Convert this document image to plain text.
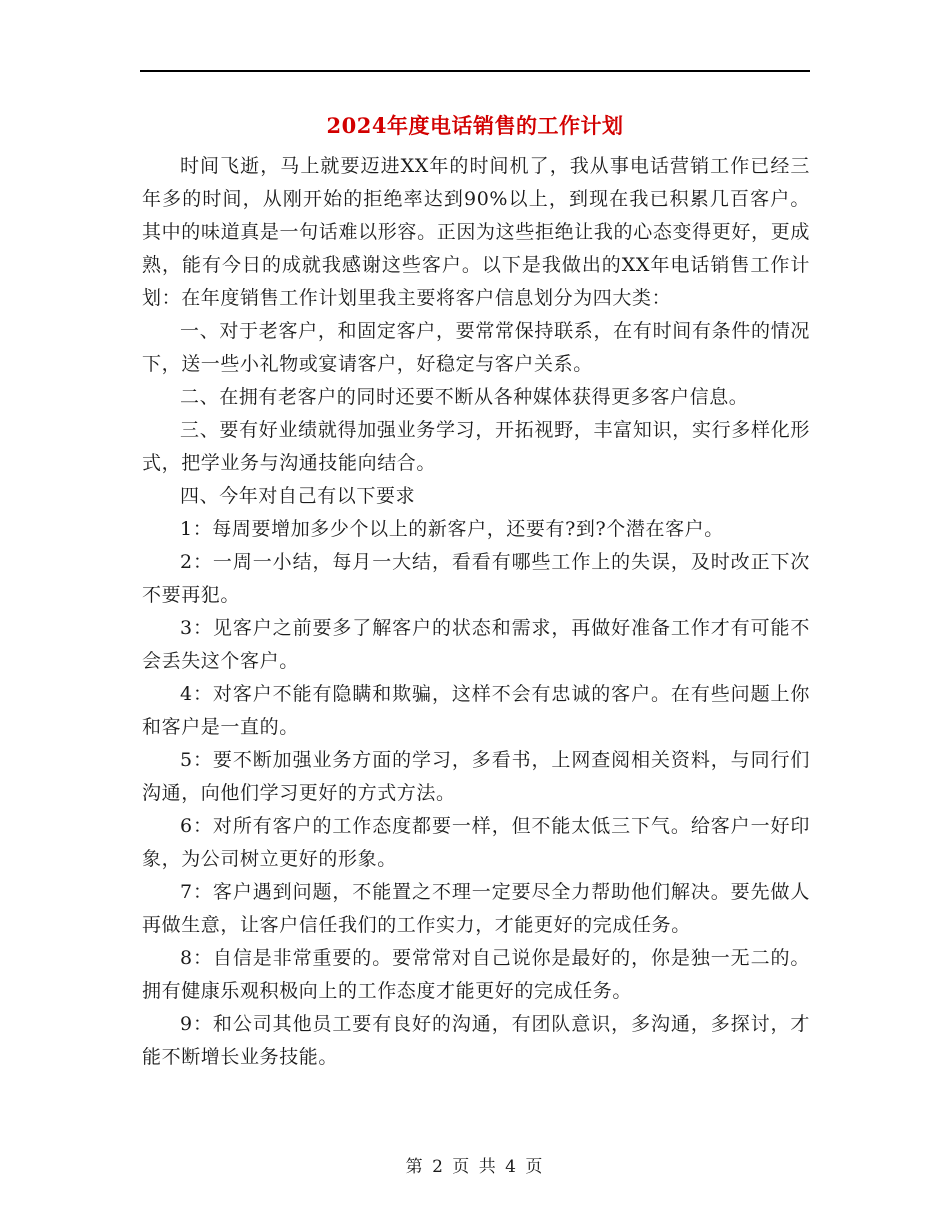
2024年度电话销售的工作计划

时间飞逝，马上就要迈进XX年的时间机了，我从事电话营销工作已经三年多的时间，从刚开始的拒绝率达到90%以上，到现在我已积累几百客户。其中的味道真是一句话难以形容。正因为这些拒绝让我的心态变得更好，更成熟，能有今日的成就我感谢这些客户。以下是我做出的XX年电话销售工作计划：在年度销售工作计划里我主要将客户信息划分为四大类：

一、对于老客户，和固定客户，要常常保持联系，在有时间有条件的情况下，送一些小礼物或宴请客户，好稳定与客户关系。

二、在拥有老客户的同时还要不断从各种媒体获得更多客户信息。

三、要有好业绩就得加强业务学习，开拓视野，丰富知识，实行多样化形式，把学业务与沟通技能向结合。

四、今年对自己有以下要求

1：每周要增加多少个以上的新客户，还要有?到?个潜在客户。

2：一周一小结，每月一大结，看看有哪些工作上的失误，及时改正下次不要再犯。

3：见客户之前要多了解客户的状态和需求，再做好准备工作才有可能不会丢失这个客户。

4：对客户不能有隐瞒和欺骗，这样不会有忠诚的客户。在有些问题上你和客户是一直的。

5：要不断加强业务方面的学习，多看书，上网查阅相关资料，与同行们沟通，向他们学习更好的方式方法。

6：对所有客户的工作态度都要一样，但不能太低三下气。给客户一好印象，为公司树立更好的形象。

7：客户遇到问题，不能置之不理一定要尽全力帮助他们解决。要先做人再做生意，让客户信任我们的工作实力，才能更好的完成任务。

8：自信是非常重要的。要常常对自己说你是最好的，你是独一无二的。拥有健康乐观积极向上的工作态度才能更好的完成任务。

9：和公司其他员工要有良好的沟通，有团队意识，多沟通，多探讨，才能不断增长业务技能。

第 2 页 共 4 页
